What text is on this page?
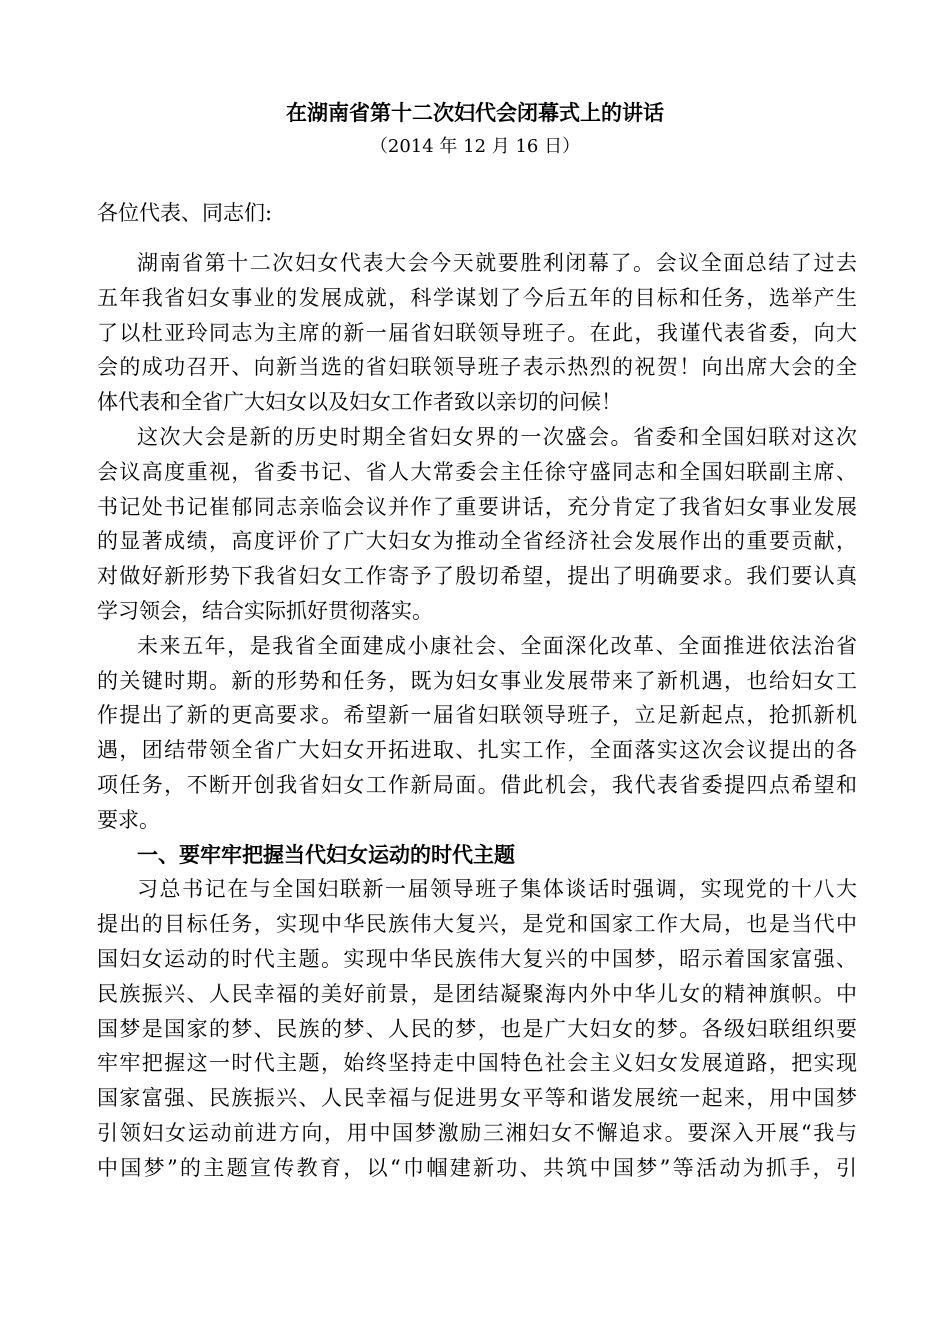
在湖南省第十二次妇代会闭幕式上的讲话
（2014 年 12 月 16 日）
各位代表、同志们:
湖南省第十二次妇女代表大会今天就要胜利闭幕了。会议全面总结了过去
五年我省妇女事业的发展成就，科学谋划了今后五年的目标和任务，选举产生
了以杜亚玲同志为主席的新一届省妇联领导班子。在此，我谨代表省委，向大
会的成功召开、向新当选的省妇联领导班子表示热烈的祝贺！向出席大会的全
体代表和全省广大妇女以及妇女工作者致以亲切的问候！
这次大会是新的历史时期全省妇女界的一次盛会。省委和全国妇联对这次
会议高度重视，省委书记、省人大常委会主任徐守盛同志和全国妇联副主席、
书记处书记崔郁同志亲临会议并作了重要讲话，充分肯定了我省妇女事业发展
的显著成绩，高度评价了广大妇女为推动全省经济社会发展作出的重要贡献，
对做好新形势下我省妇女工作寄予了殷切希望，提出了明确要求。我们要认真
学习领会，结合实际抓好贯彻落实。
未来五年，是我省全面建成小康社会、全面深化改革、全面推进依法治省
的关键时期。新的形势和任务，既为妇女事业发展带来了新机遇，也给妇女工
作提出了新的更高要求。希望新一届省妇联领导班子，立足新起点，抢抓新机
遇，团结带领全省广大妇女开拓进取、扎实工作，全面落实这次会议提出的各
项任务，不断开创我省妇女工作新局面。借此机会，我代表省委提四点希望和
要求。
一、要牢牢把握当代妇女运动的时代主题
习总书记在与全国妇联新一届领导班子集体谈话时强调，实现党的十八大
提出的目标任务，实现中华民族伟大复兴，是党和国家工作大局，也是当代中
国妇女运动的时代主题。实现中华民族伟大复兴的中国梦，昭示着国家富强、
民族振兴、人民幸福的美好前景，是团结凝聚海内外中华儿女的精神旗帜。中
国梦是国家的梦、民族的梦、人民的梦，也是广大妇女的梦。各级妇联组织要
牢牢把握这一时代主题，始终坚持走中国特色社会主义妇女发展道路，把实现
国家富强、民族振兴、人民幸福与促进男女平等和谐发展统一起来，用中国梦
引领妇女运动前进方向，用中国梦激励三湘妇女不懈追求。要深入开展“我与
中国梦”的主题宣传教育，以“巾帼建新功、共筑中国梦”等活动为抓手，引
